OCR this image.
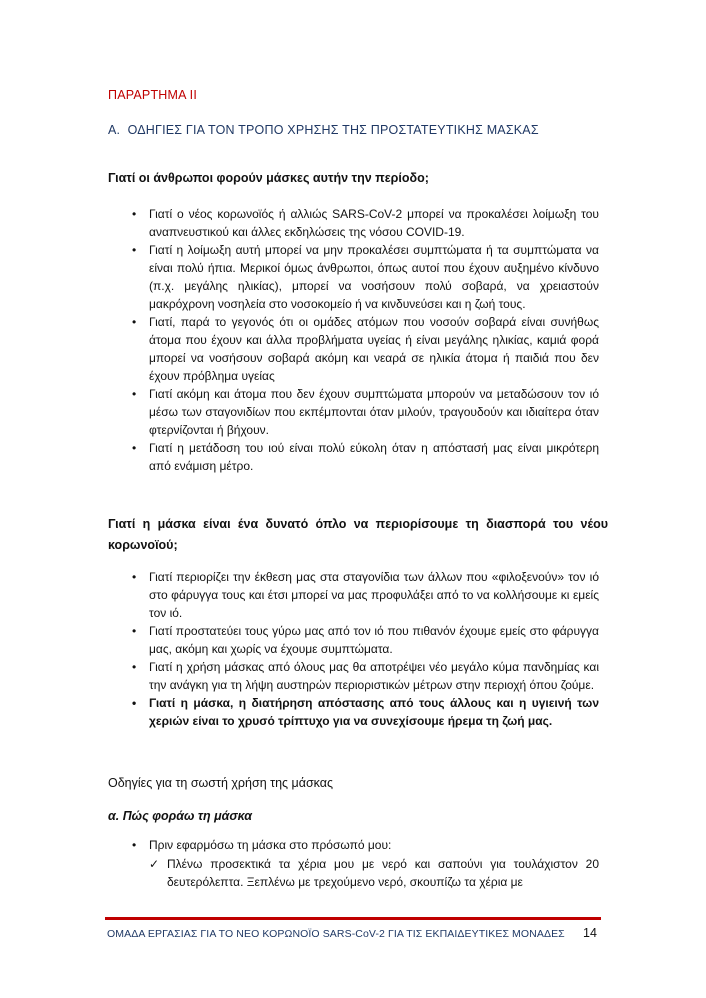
ΠΑΡΑΡΤΗΜΑ ΙΙ
Α. ΟΔΗΓΙΕΣ ΓΙΑ ΤΟΝ ΤΡΟΠΟ ΧΡΗΣΗΣ ΤΗΣ ΠΡΟΣΤΑΤΕΥΤΙΚΗΣ ΜΑΣΚΑΣ
Γιατί οι άνθρωποι φορούν μάσκες αυτήν την περίοδο;
• Γιατί ο νέος κορωνοϊός ή αλλιώς SARS-CoV-2 μπορεί να προκαλέσει λοίμωξη του αναπνευστικού και άλλες εκδηλώσεις της νόσου COVID-19.
• Γιατί η λοίμωξη αυτή μπορεί να μην προκαλέσει συμπτώματα ή τα συμπτώματα να είναι πολύ ήπια. Μερικοί όμως άνθρωποι, όπως αυτοί που έχουν αυξημένο κίνδυνο (π.χ. μεγάλης ηλικίας), μπορεί να νοσήσουν πολύ σοβαρά, να χρειαστούν μακρόχρονη νοσηλεία στο νοσοκομείο ή να κινδυνεύσει και η ζωή τους.
• Γιατί, παρά το γεγονός ότι οι ομάδες ατόμων που νοσούν σοβαρά είναι συνήθως άτομα που έχουν και άλλα προβλήματα υγείας ή είναι μεγάλης ηλικίας, καμιά φορά μπορεί να νοσήσουν σοβαρά ακόμη και νεαρά σε ηλικία άτομα ή παιδιά που δεν έχουν πρόβλημα υγείας
• Γιατί ακόμη και άτομα που δεν έχουν συμπτώματα μπορούν να μεταδώσουν τον ιό μέσω των σταγονιδίων που εκπέμπονται όταν μιλούν, τραγουδούν και ιδιαίτερα όταν φτερνίζονται ή βήχουν.
• Γιατί η μετάδοση του ιού είναι πολύ εύκολη όταν η απόστασή μας είναι μικρότερη από ενάμιση μέτρο.
Γιατί η μάσκα είναι ένα δυνατό όπλο να περιορίσουμε τη διασπορά του νέου κορωνοϊού;
• Γιατί περιορίζει την έκθεση μας στα σταγονίδια των άλλων που «φιλοξενούν» τον ιό στο φάρυγγα τους και έτσι μπορεί να μας προφυλάξει από το να κολλήσουμε κι εμείς τον ιό.
• Γιατί προστατεύει τους γύρω μας από τον ιό που πιθανόν έχουμε εμείς στο φάρυγγα μας, ακόμη και χωρίς να έχουμε συμπτώματα.
• Γιατί η χρήση μάσκας από όλους μας θα αποτρέψει νέο μεγάλο κύμα πανδημίας και την ανάγκη για τη λήψη αυστηρών περιοριστικών μέτρων στην περιοχή όπου ζούμε.
• Γιατί η μάσκα, η διατήρηση απόστασης από τους άλλους και η υγιεινή των χεριών είναι το χρυσό τρίπτυχο για να συνεχίσουμε ήρεμα τη ζωή μας.
Οδηγίες για τη σωστή χρήση της μάσκας
α. Πώς φοράω τη μάσκα
• Πριν εφαρμόσω τη μάσκα στο πρόσωπό μου:
✓ Πλένω προσεκτικά τα χέρια μου με νερό και σαπούνι για τουλάχιστον 20 δευτερόλεπτα. Ξεπλένω με τρεχούμενο νερό, σκουπίζω τα χέρια με
ΟΜΑΔΑ ΕΡΓΑΣΙΑΣ ΓΙΑ ΤΟ ΝΕΟ ΚΟΡΩΝΟΪΟ SARS-CoV-2 ΓΙΑ ΤΙΣ ΕΚΠΑΙΔΕΥΤΙΚΕΣ ΜΟΝΑΔΕΣ 14
